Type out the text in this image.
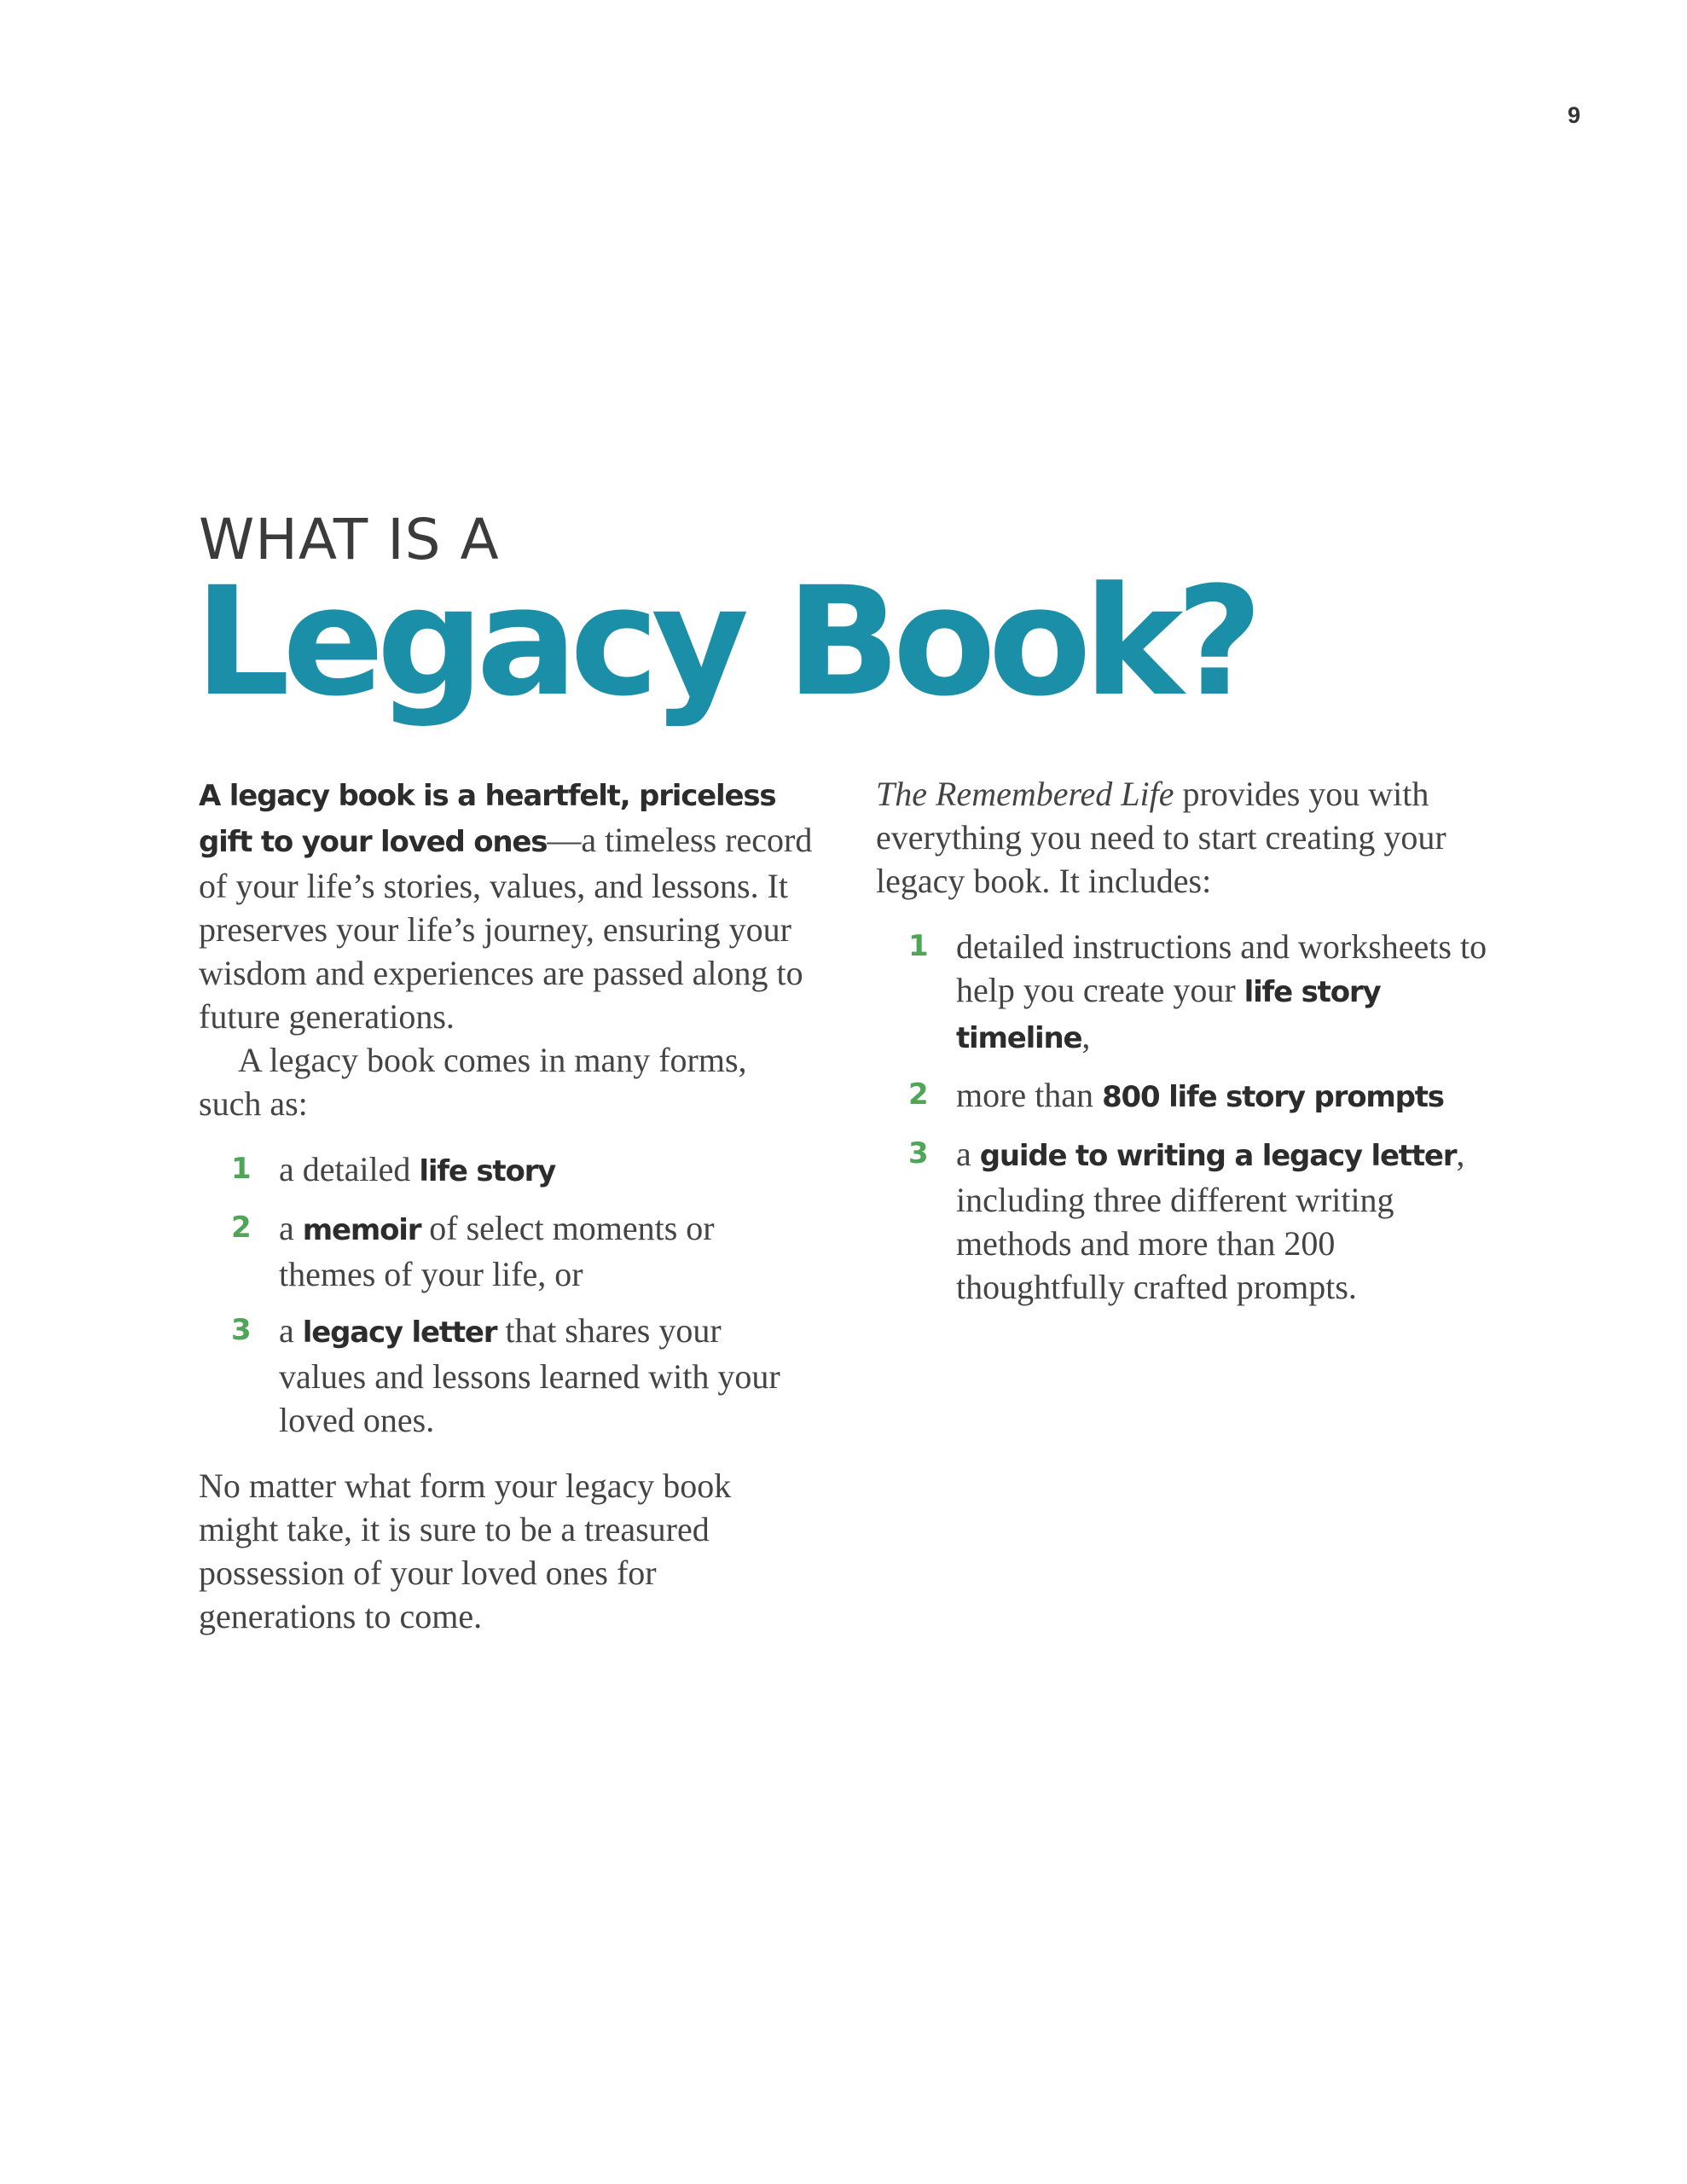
9
WHAT IS A
Legacy Book?

A legacy book is a heartfelt, priceless gift to your loved ones—a timeless record of your life’s stories, values, and lessons. It preserves your life’s journey, ensuring your wisdom and experiences are passed along to future generations.

A legacy book comes in many forms, such as:

1 a detailed life story
2 a memoir of select moments or themes of your life, or
3 a legacy letter that shares your values and lessons learned with your loved ones.

No matter what form your legacy book might take, it is sure to be a treasured possession of your loved ones for generations to come.

The Remembered Life provides you with everything you need to start creating your legacy book. It includes:

1 detailed instructions and worksheets to help you create your life story timeline,
2 more than 800 life story prompts
3 a guide to writing a legacy letter, including three different writing methods and more than 200 thoughtfully crafted prompts.
